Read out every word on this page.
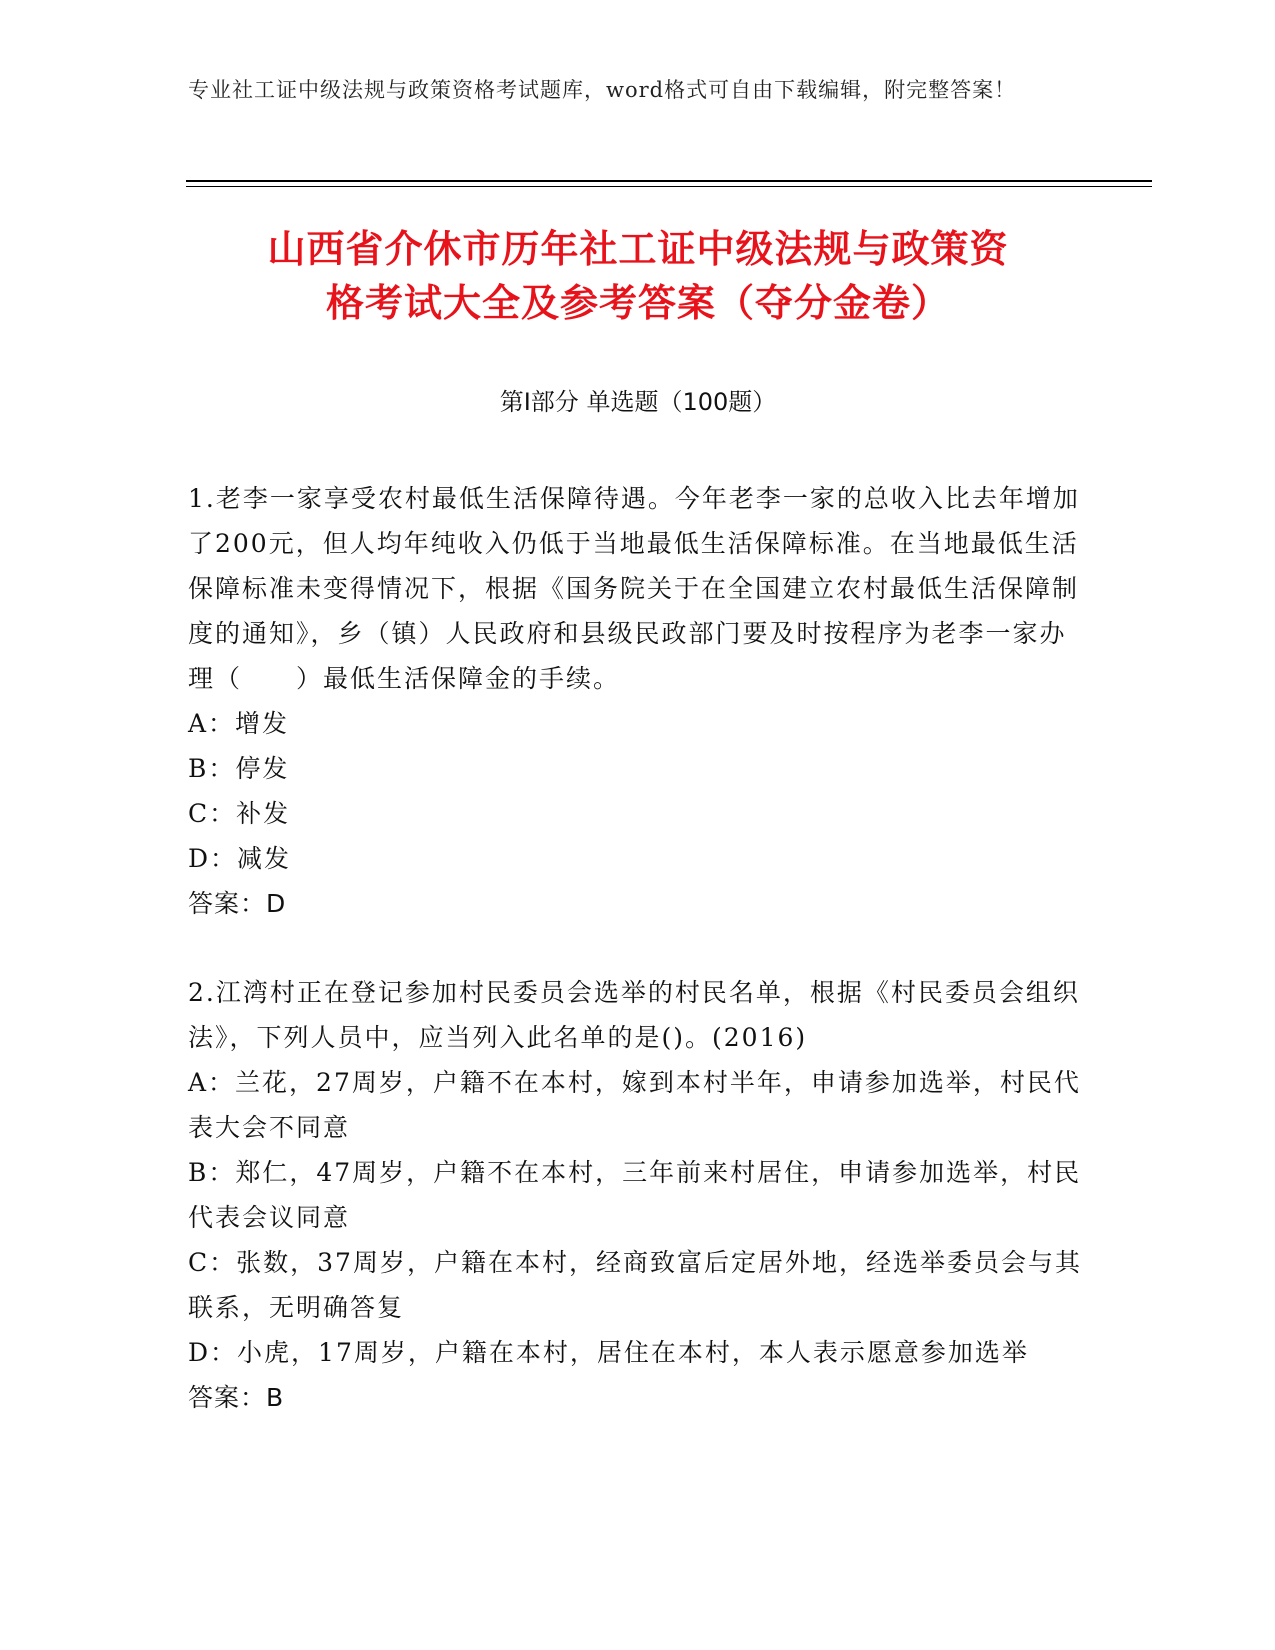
专业社工证中级法规与政策资格考试题库，word格式可自由下载编辑，附完整答案！
山西省介休市历年社工证中级法规与政策资
格考试大全及参考答案（夺分金卷）
第Ⅰ部分 单选题（100题）

1.老李一家享受农村最低生活保障待遇。今年老李一家的总收入比去年增加了200元，但人均年纯收入仍低于当地最低生活保障标准。在当地最低生活保障标准未变得情况下，根据《国务院关于在全国建立农村最低生活保障制度的通知》，乡（镇）人民政府和县级民政部门要及时按程序为老李一家办理（　　）最低生活保障金的手续。

A：增发

B：停发

C：补发

D：减发

答案：D

2.江湾村正在登记参加村民委员会选举的村民名单，根据《村民委员会组织法》，下列人员中，应当列入此名单的是()。(2016)

A：兰花，27周岁，户籍不在本村，嫁到本村半年，申请参加选举，村民代表大会不同意

B：郑仁，47周岁，户籍不在本村，三年前来村居住，申请参加选举，村民代表会议同意

C：张数，37周岁，户籍在本村，经商致富后定居外地，经选举委员会与其联系，无明确答复

D：小虎，17周岁，户籍在本村，居住在本村，本人表示愿意参加选举

答案：B
